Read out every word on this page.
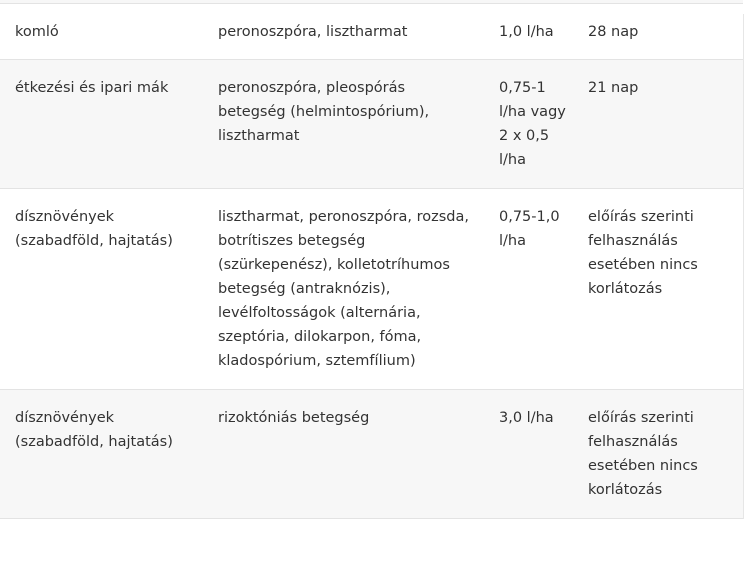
komló	peronoszpóra, lisztharmat	1,0 l/ha	28 nap
étkezési és ipari mák	peronoszpóra, pleospórás betegség (helmintospórium), lisztharmat	0,75-1 l/ha vagy 2 x 0,5 l/ha	21 nap
dísznövények (szabadföld, hajtatás)	lisztharmat, peronoszpóra, rozsda, botrítiszes betegség (szürkepenész), kolletotríhumos betegség (antraknózis), levélfoltosságok (alternária, szeptória, dilokarpon, fóma, kladospórium, sztemfílium)	0,75-1,0 l/ha	előírás szerinti felhasználás esetében nincs korlátozás
dísznövények (szabadföld, hajtatás)	rizoktóniás betegség	3,0 l/ha	előírás szerinti felhasználás esetében nincs korlátozás
